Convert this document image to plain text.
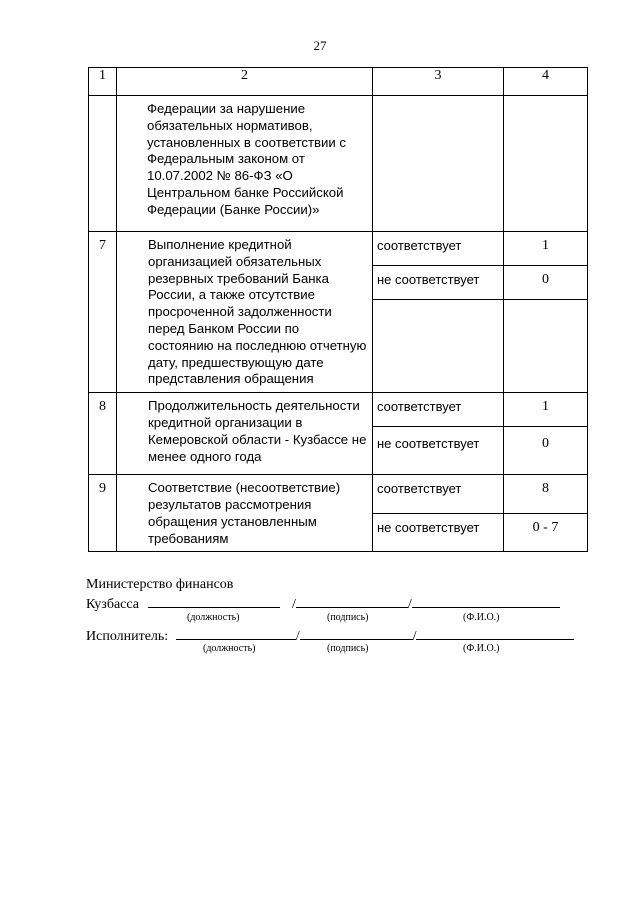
27
1	2	3	4
	Федерации за нарушение обязательных нормативов, установленных в соответствии с Федеральным законом от 10.07.2002 № 86-ФЗ «О Центральном банке Российской Федерации (Банке России)»		
7	Выполнение кредитной организацией обязательных резервных требований Банка России, а также отсутствие просроченной задолженности перед Банком России по состоянию на последнюю отчетную дату, предшествующую дате представления обращения	соответствует	1
		не соответствует	0

8	Продолжительность деятельности кредитной организации в Кемеровской области - Кузбассе не менее одного года	соответствует	1
		не соответствует	0
9	Соответствие (несоответствие) результатов рассмотрения обращения установленным требованиям	соответствует	8
		не соответствует	0 - 7
Министерство финансов
Кузбасса	/	/
(должность)	(подпись)	(Ф.И.О.)
Исполнитель:	/	/
(должность)	(подпись)	(Ф.И.О.)
